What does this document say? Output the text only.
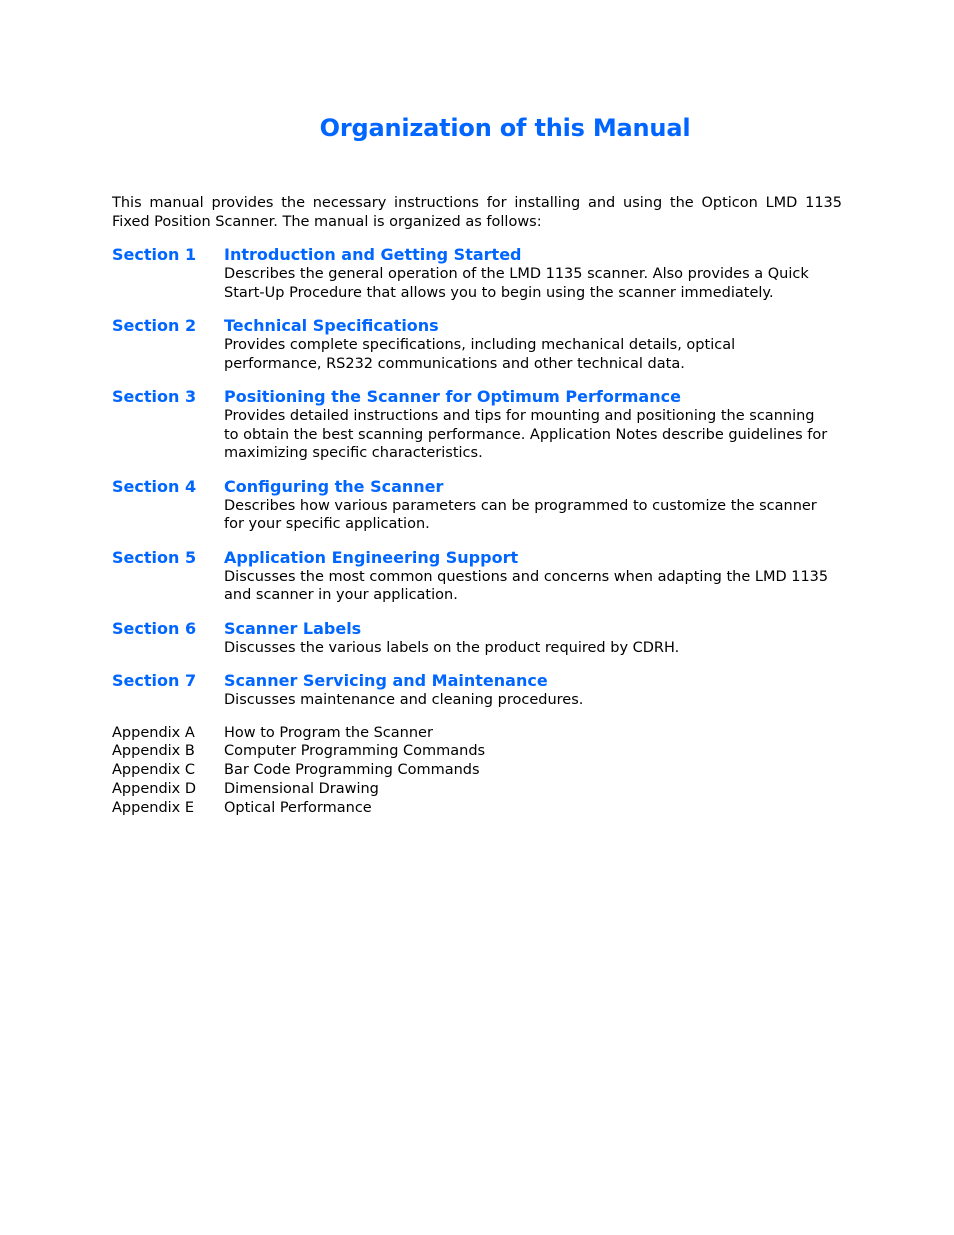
Organization of this Manual

This manual provides the necessary instructions for installing and using the Opticon LMD 1135 Fixed Position Scanner. The manual is organized as follows:

Section 1	Introduction and Getting Started
Describes the general operation of the LMD 1135 scanner. Also provides a Quick Start-Up Procedure that allows you to begin using the scanner immediately.
Section 2	Technical Specifications
Provides complete specifications, including mechanical details, optical performance, RS232 communications and other technical data.
Section 3	Positioning the Scanner for Optimum Performance
Provides detailed instructions and tips for mounting and positioning the scanning to obtain the best scanning performance. Application Notes describe guidelines for maximizing specific characteristics.
Section 4	Configuring the Scanner
Describes how various parameters can be programmed to customize the scanner for your specific application.
Section 5	Application Engineering Support
Discusses the most common questions and concerns when adapting the LMD 1135 and scanner in your application.
Section 6	Scanner Labels
Discusses the various labels on the product required by CDRH.
Section 7	Scanner Servicing and Maintenance
Discusses maintenance and cleaning procedures.
Appendix A	How to Program the Scanner
Appendix B	Computer Programming Commands
Appendix C	Bar Code Programming Commands
Appendix D	Dimensional Drawing
Appendix E	Optical Performance
